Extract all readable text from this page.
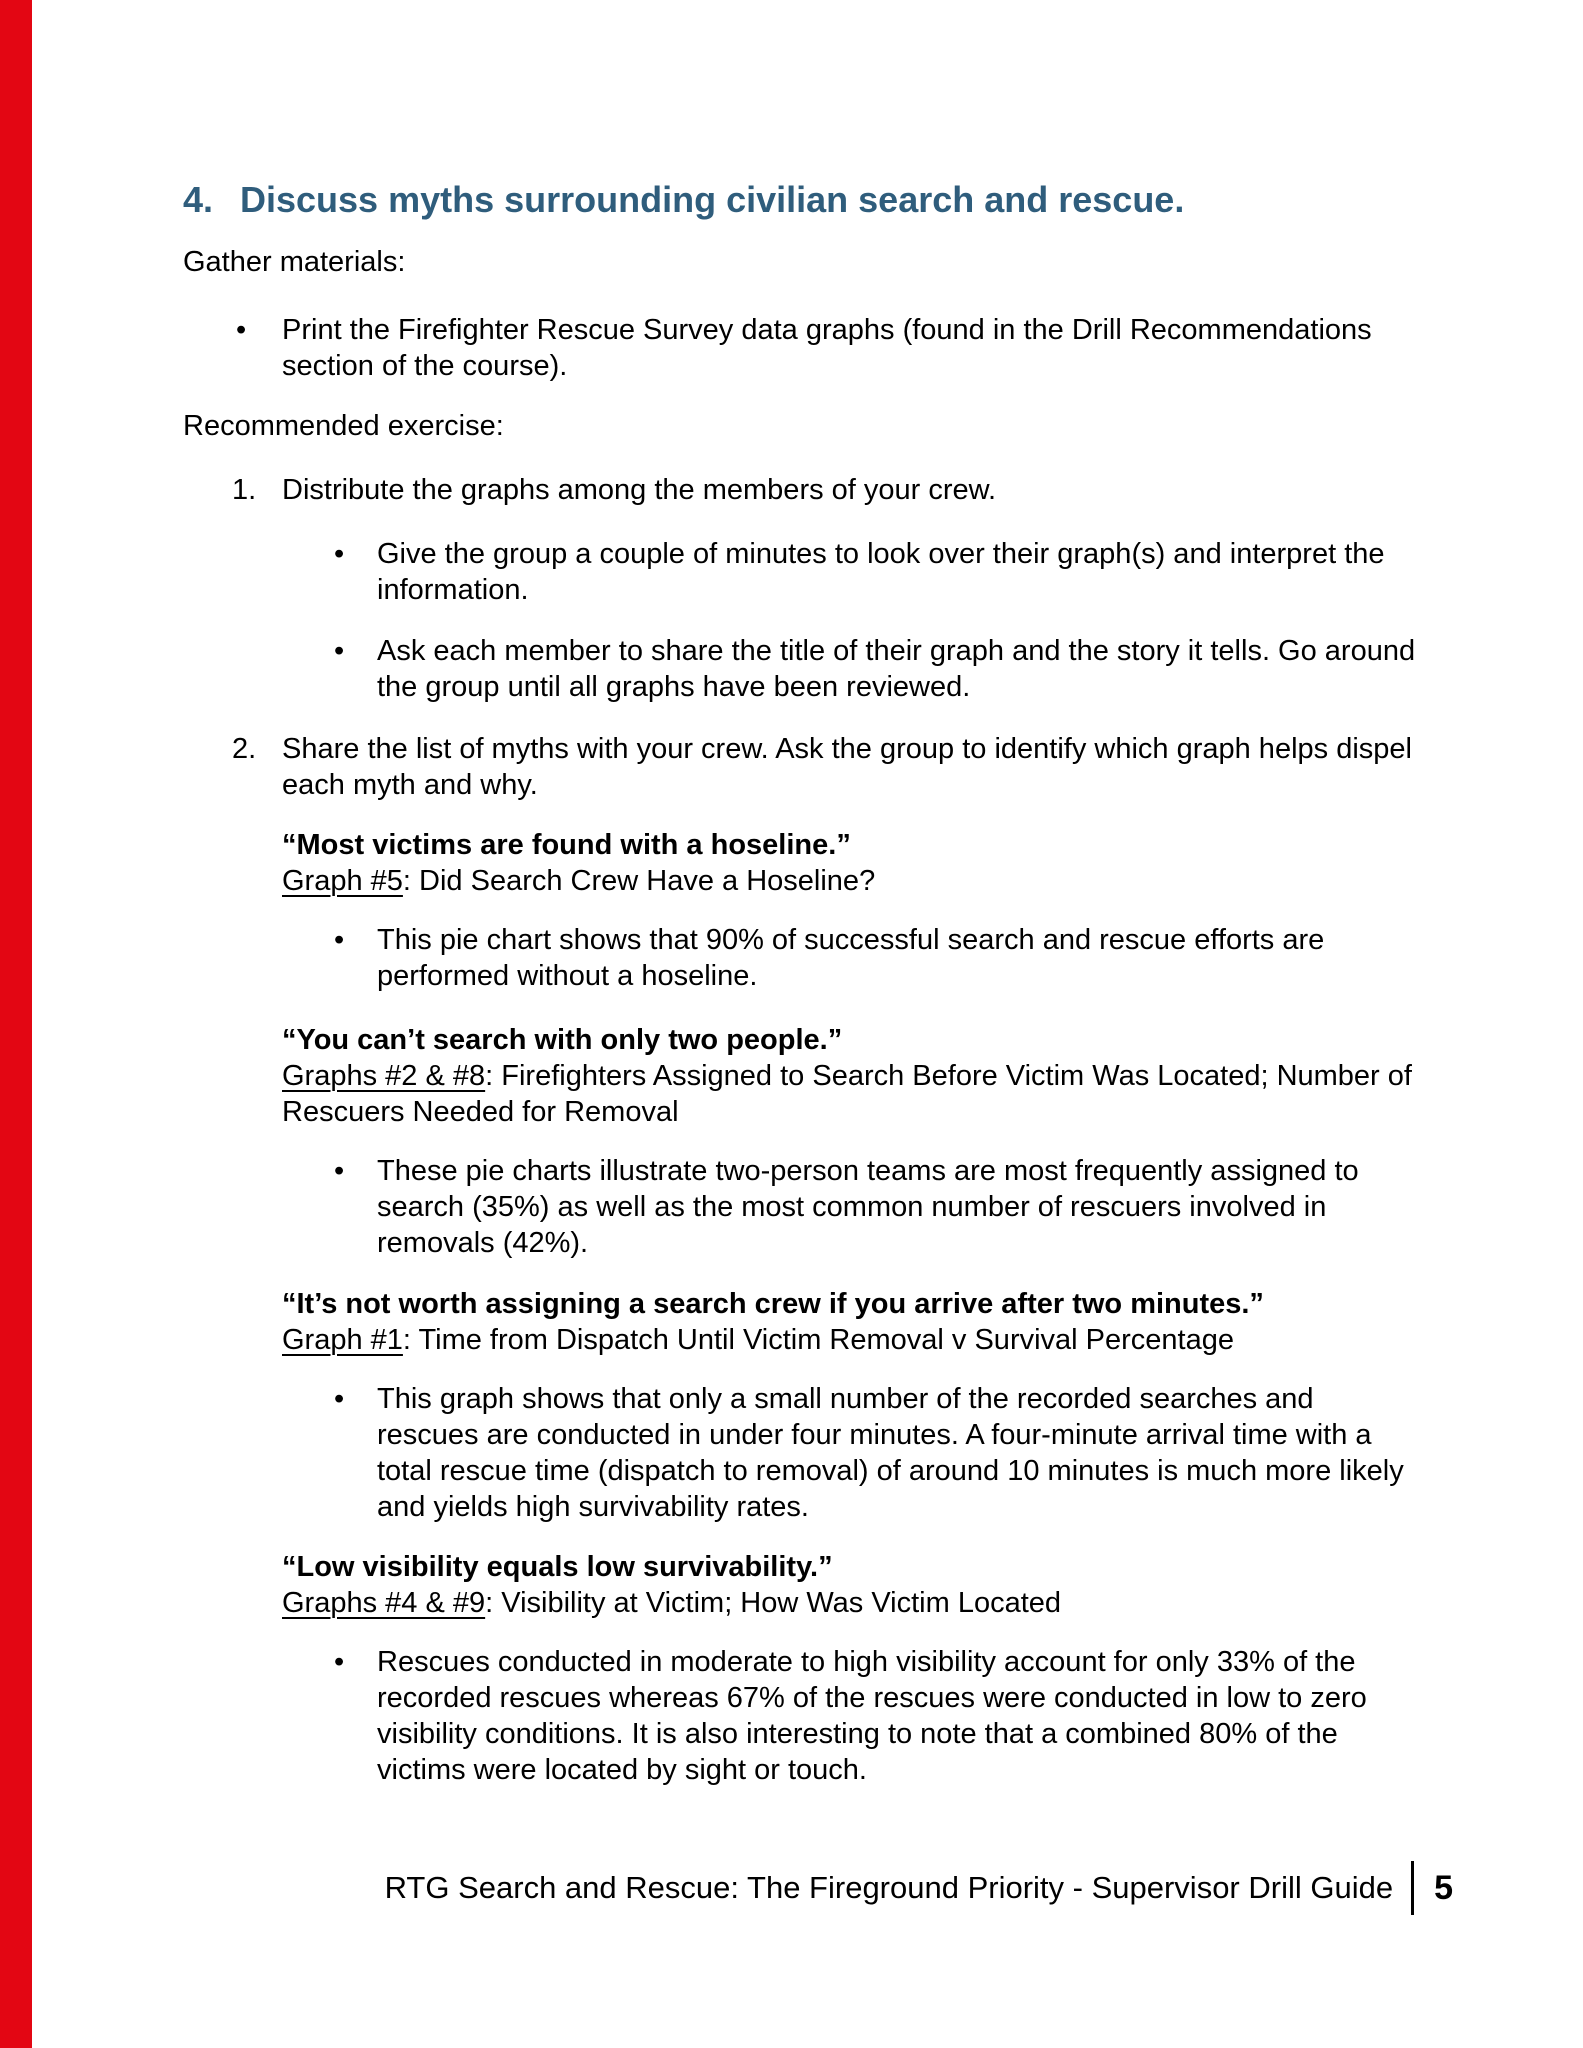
4. Discuss myths surrounding civilian search and rescue.

Gather materials:

•	Print the Firefighter Rescue Survey data graphs (found in the Drill Recommendations section of the course).

Recommended exercise:

1. Distribute the graphs among the members of your crew.
•	Give the group a couple of minutes to look over their graph(s) and interpret the information.
•	Ask each member to share the title of their graph and the story it tells. Go around the group until all graphs have been reviewed.
2. Share the list of myths with your crew. Ask the group to identify which graph helps dispel each myth and why.

“Most victims are found with a hoseline.”

Graph #5: Did Search Crew Have a Hoseline?

•	This pie chart shows that 90% of successful search and rescue efforts are performed without a hoseline.

“You can’t search with only two people.”

Graphs #2 & #8: Firefighters Assigned to Search Before Victim Was Located; Number of Rescuers Needed for Removal

•	These pie charts illustrate two-person teams are most frequently assigned to search (35%) as well as the most common number of rescuers involved in removals (42%).

“It’s not worth assigning a search crew if you arrive after two minutes.”

Graph #1: Time from Dispatch Until Victim Removal v Survival Percentage

•	This graph shows that only a small number of the recorded searches and rescues are conducted in under four minutes. A four-minute arrival time with a total rescue time (dispatch to removal) of around 10 minutes is much more likely and yields high survivability rates.

“Low visibility equals low survivability.”

Graphs #4 & #9: Visibility at Victim; How Was Victim Located

•	Rescues conducted in moderate to high visibility account for only 33% of the recorded rescues whereas 67% of the rescues were conducted in low to zero visibility conditions. It is also interesting to note that a combined 80% of the victims were located by sight or touch.
RTG Search and Rescue: The Fireground Priority - Supervisor Drill Guide 5
